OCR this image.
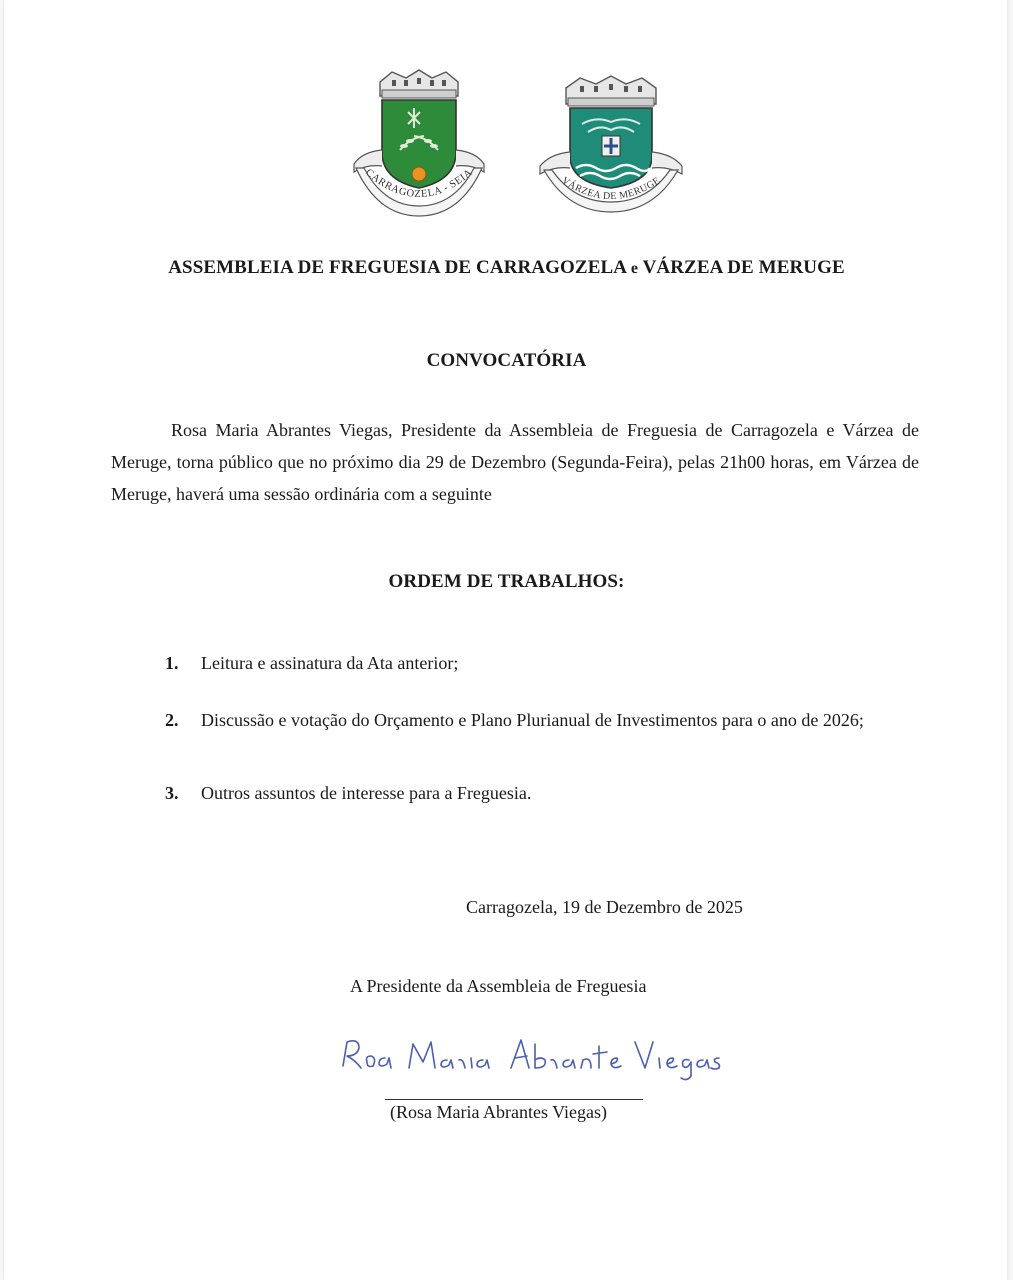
CARRAGOZELA - SEIA
VÁRZEA DE MERUGE
ASSEMBLEIA DE FREGUESIA DE CARRAGOZELA e VÁRZEA DE MERUGE
CONVOCATÓRIA
Rosa Maria Abrantes Viegas, Presidente da Assembleia de Freguesia de Carragozela e Várzea de Meruge, torna público que no próximo dia 29 de Dezembro (Segunda-Feira), pelas 21h00 horas, em Várzea de Meruge, haverá uma sessão ordinária com a seguinte
ORDEM DE TRABALHOS:
1.	Leitura e assinatura da Ata anterior;
2.	Discussão e votação do Orçamento e Plano Plurianual de Investimentos para o ano de 2026;
3.	Outros assuntos de interesse para a Freguesia.
Carragozela, 19 de Dezembro de 2025
A Presidente da Assembleia de Freguesia
(Rosa Maria Abrantes Viegas)
